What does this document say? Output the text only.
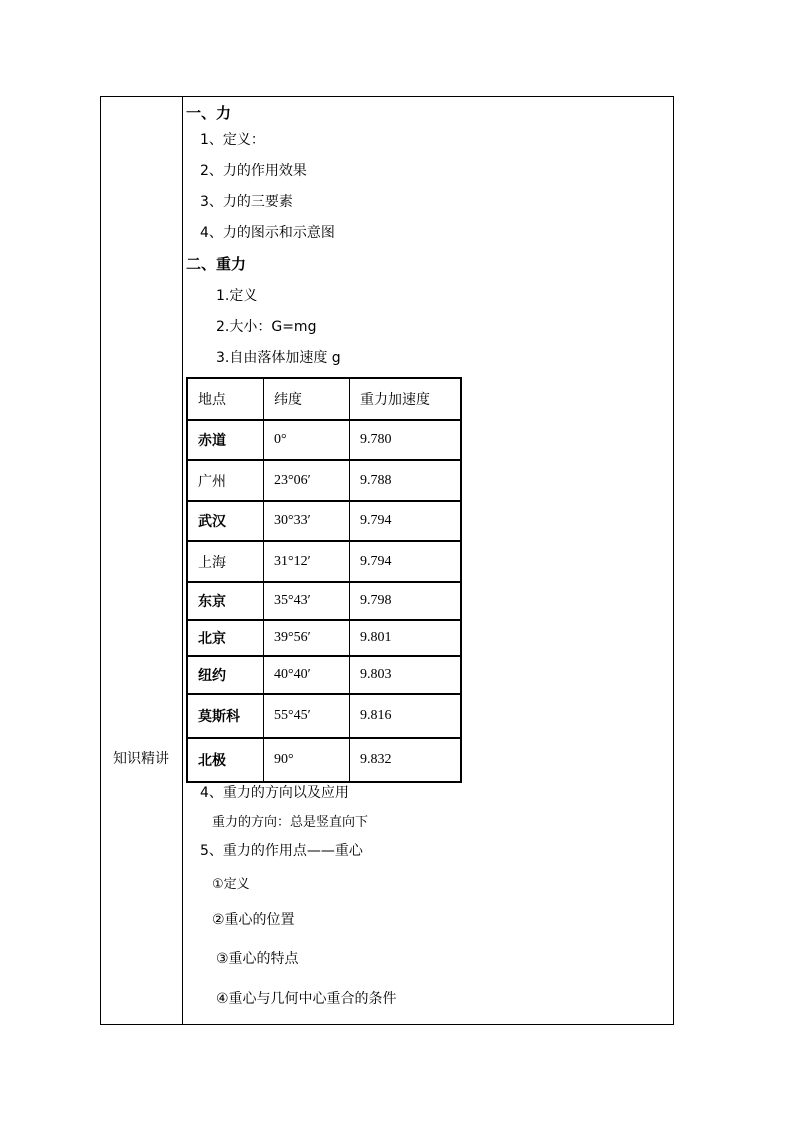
知识精讲
一、力
1、定义：
2、力的作用效果
3、力的三要素
4、力的图示和示意图
二、重力
1.定义
2.大小：G=mg
3.自由落体加速度 g
地点	纬度	重力加速度
赤道	0°	9.780
广州	23°06′	9.788
武汉	30°33′	9.794
上海	31°12′	9.794
东京	35°43′	9.798
北京	39°56′	9.801
纽约	40°40′	9.803
莫斯科	55°45′	9.816
北极	90°	9.832
4、重力的方向以及应用
重力的方向：总是竖直向下
5、重力的作用点——重心
①定义
②重心的位置
③重心的特点
④重心与几何中心重合的条件
